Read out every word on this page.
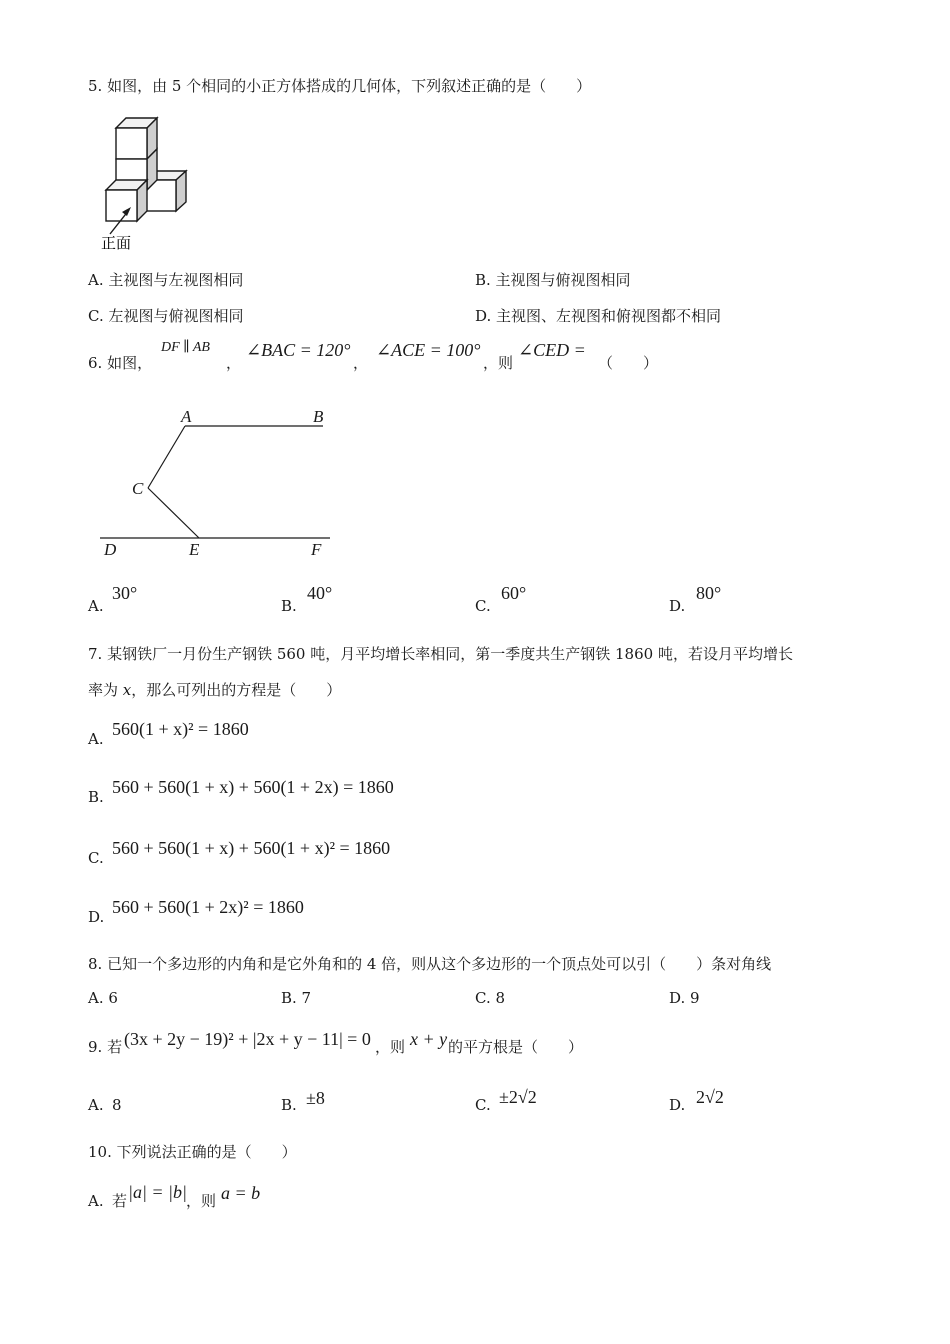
5. 如图，由 5 个相同的小正方体搭成的几何体，下列叙述正确的是（　　）
正面
A. 主视图与左视图相同	B. 主视图与俯视图相同
C. 左视图与俯视图相同	D. 主视图、左视图和俯视图都不相同
6. 如图，
DF ∥ AB
，
∠BAC = 120°
，
∠ACE = 100°
，则
∠CED =
（　　）
A	B
C
D	E	F
A.
30°
B.
40°
C.
60°
D.
80°
7. 某钢铁厂一月份生产钢铁 560 吨，月平均增长率相同，第一季度共生产钢铁 1860 吨，若设月平均增长
率为 x，那么可列出的方程是（　　）
A. 560(1 + x)² = 1860
B. 560 + 560(1 + x) + 560(1 + 2x) = 1860
C. 560 + 560(1 + x) + 560(1 + x)² = 1860
D. 560 + 560(1 + 2x)² = 1860
8. 已知一个多边形的内角和是它外角和的 4 倍，则从这个多边形的一个顶点处可以引（　　）条对角线
A. 6	B. 7	C. 8	D. 9
9. 若 (3x + 2y − 19)² + |2x + y − 11| = 0 ，则 x + y 的平方根是（　　）
A. 8	B. ±8	C. ±2√2	D. 2√2
10. 下列说法正确的是（　　）
A. 若 |a| = |b| ，则 a = b
